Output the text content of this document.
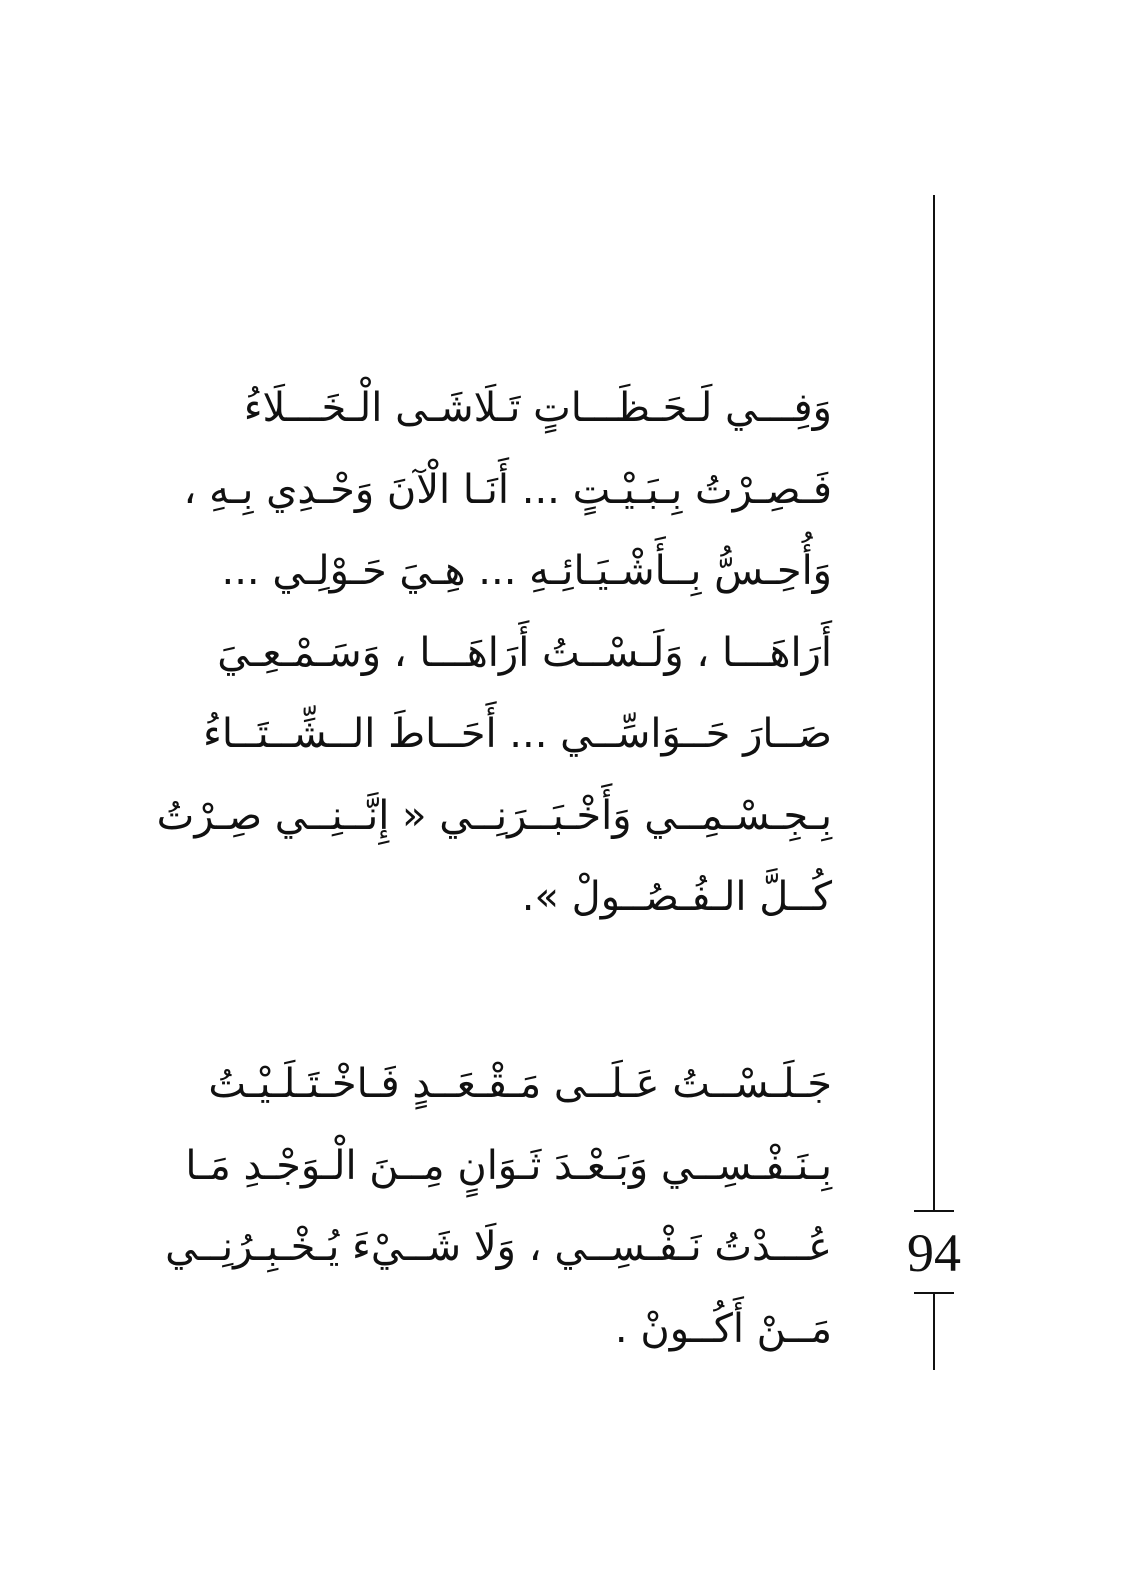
وَفِـــي لَـحَـظَـــاتٍ تَـلَاشَـى الْـخَـــلَاءُ
فَـصِـرْتُ بِـبَـيْـتٍ ... أَنَـا الْآنَ وَحْـدِي بِـهِ ،
وَأُحِـسُّ بِــأَشْـيَـائِـهِ ... هِـيَ حَـوْلِـي ...
أَرَاهَـــا ، وَلَـسْــتُ أَرَاهَـــا ، وَسَـمْـعِـيَ
صَــارَ حَــوَاسِّــي ... أَحَــاطَ الــشِّــتَــاءُ
بِـجِـسْـمِــي وَأَخْـبَــرَنِــي « إِنَّــنِــي صِـرْتُ
كُــلَّ الـفُـصُــولْ ».
جَـلَـسْــتُ عَـلَــى مَـقْـعَــدٍ فَـاخْـتَـلَـيْـتُ
بِـنَـفْـسِــي وَبَـعْـدَ ثَـوَانٍ مِــنَ الْـوَجْـدِ مَـا
عُـــدْتُ نَـفْـسِــي ، وَلَا شَــيْءَ يُـخْـبِـرُنِــي
مَــنْ أَكُــونْ .
94
